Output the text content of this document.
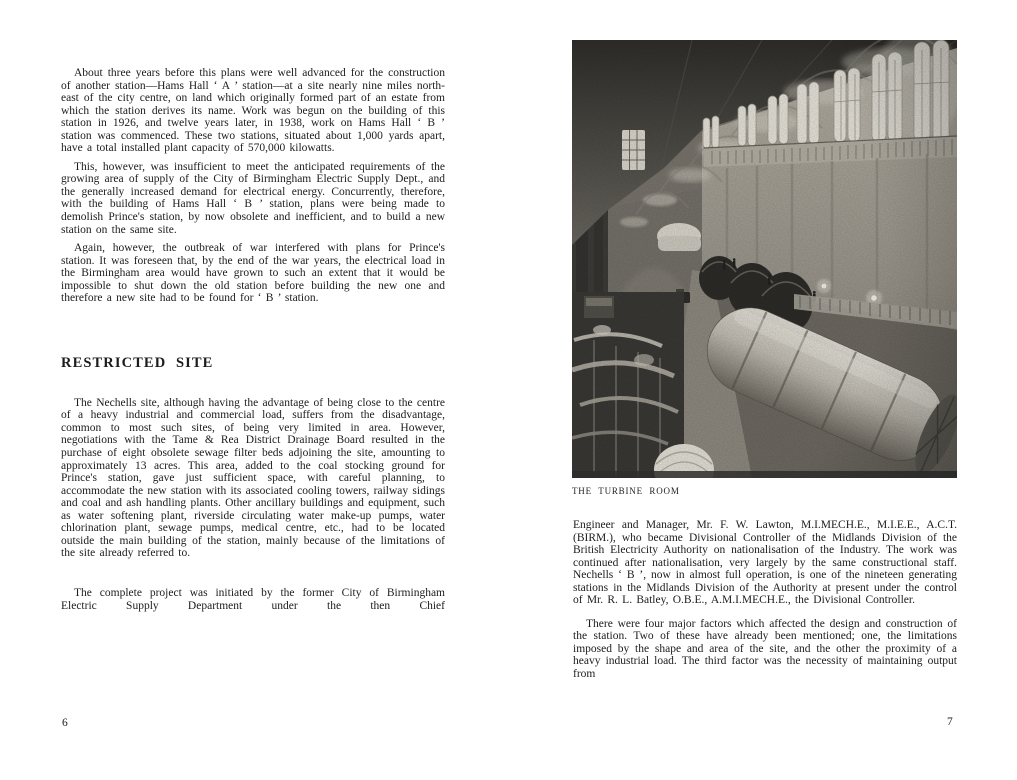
About three years before this plans were well advanced for the construction of another station—Hams Hall ‘ A ’ station—at a site nearly nine miles north-east of the city centre, on land which originally formed part of an estate from which the station derives its name. Work was begun on the building of this station in 1926, and twelve years later, in 1938, work on Hams Hall ‘ B ’ station was commenced. These two stations, situated about 1,000 yards apart, have a total installed plant capacity of 570,000 kilowatts.

This, however, was insufficient to meet the anticipated requirements of the growing area of supply of the City of Birmingham Electric Supply Dept., and the generally increased demand for electrical energy. Concurrently, therefore, with the building of Hams Hall ‘ B ’ station, plans were being made to demolish Prince's station, by now obsolete and inefficient, and to build a new station on the same site.

Again, however, the outbreak of war interfered with plans for Prince's station. It was foreseen that, by the end of the war years, the electrical load in the Birmingham area would have grown to such an extent that it would be impossible to shut down the old station before building the new one and therefore a new site had to be found for ‘ B ’ station.

RESTRICTED SITE

The Nechells site, although having the advantage of being close to the centre of a heavy industrial and commercial load, suffers from the disadvantage, common to most such sites, of being very limited in area. However, negotiations with the Tame & Rea District Drainage Board resulted in the purchase of eight obsolete sewage filter beds adjoining the site, amounting to approximately 13 acres. This area, added to the coal stocking ground for Prince's station, gave just sufficient space, with careful planning, to accommodate the new station with its associated cooling towers, railway sidings and coal and ash handling plants. Other ancillary buildings and equipment, such as water softening plant, riverside circulating water make-up pumps, water chlorination plant, sewage pumps, medical centre, etc., had to be located outside the main building of the station, mainly because of the limitations of the site already referred to.

The complete project was initiated by the former City of Birmingham Electric Supply Department under the then Chief

6
THE TURBINE ROOM

Engineer and Manager, Mr. F. W. Lawton, M.I.MECH.E., M.I.E.E., A.C.T.(BIRM.), who became Divisional Controller of the Midlands Division of the British Electricity Authority on nationalisation of the Industry. The work was continued after nationalisation, very largely by the same constructional staff. Nechells ‘ B ’, now in almost full operation, is one of the nineteen generating stations in the Midlands Division of the Authority at present under the control of Mr. R. L. Batley, O.B.E., A.M.I.MECH.E., the Divisional Controller.

There were four major factors which affected the design and construction of the station. Two of these have already been mentioned; one, the limitations imposed by the shape and area of the site, and the other the proximity of a heavy industrial load. The third factor was the necessity of maintaining output from

7
